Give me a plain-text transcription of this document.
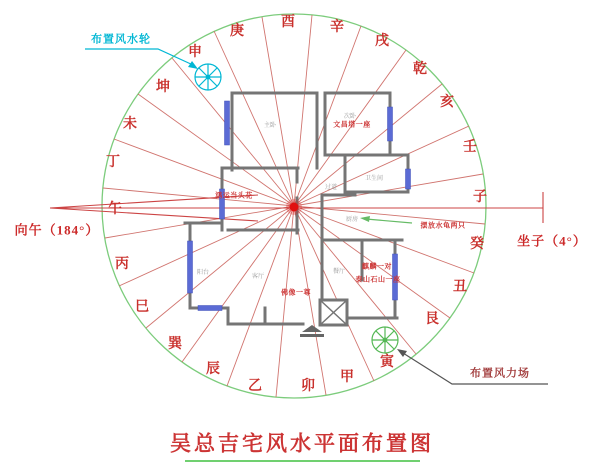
子
癸
丑
艮
寅
甲
卯
乙
辰
巽
巳
丙
午
丁
未
坤
申
庚
酉	辛
戌
乾
亥
壬
向午（184°）
坐子（4°）
布置风水轮
布置风力场
文昌塔一座
鸿运当头花
麒麟一对
泰山石山一座
佛像一尊
摆放水龟两只
主卧
次卧
卫生间
过道
厨房
客厅
餐厅
阳台
吴总吉宅风水平面布置图
